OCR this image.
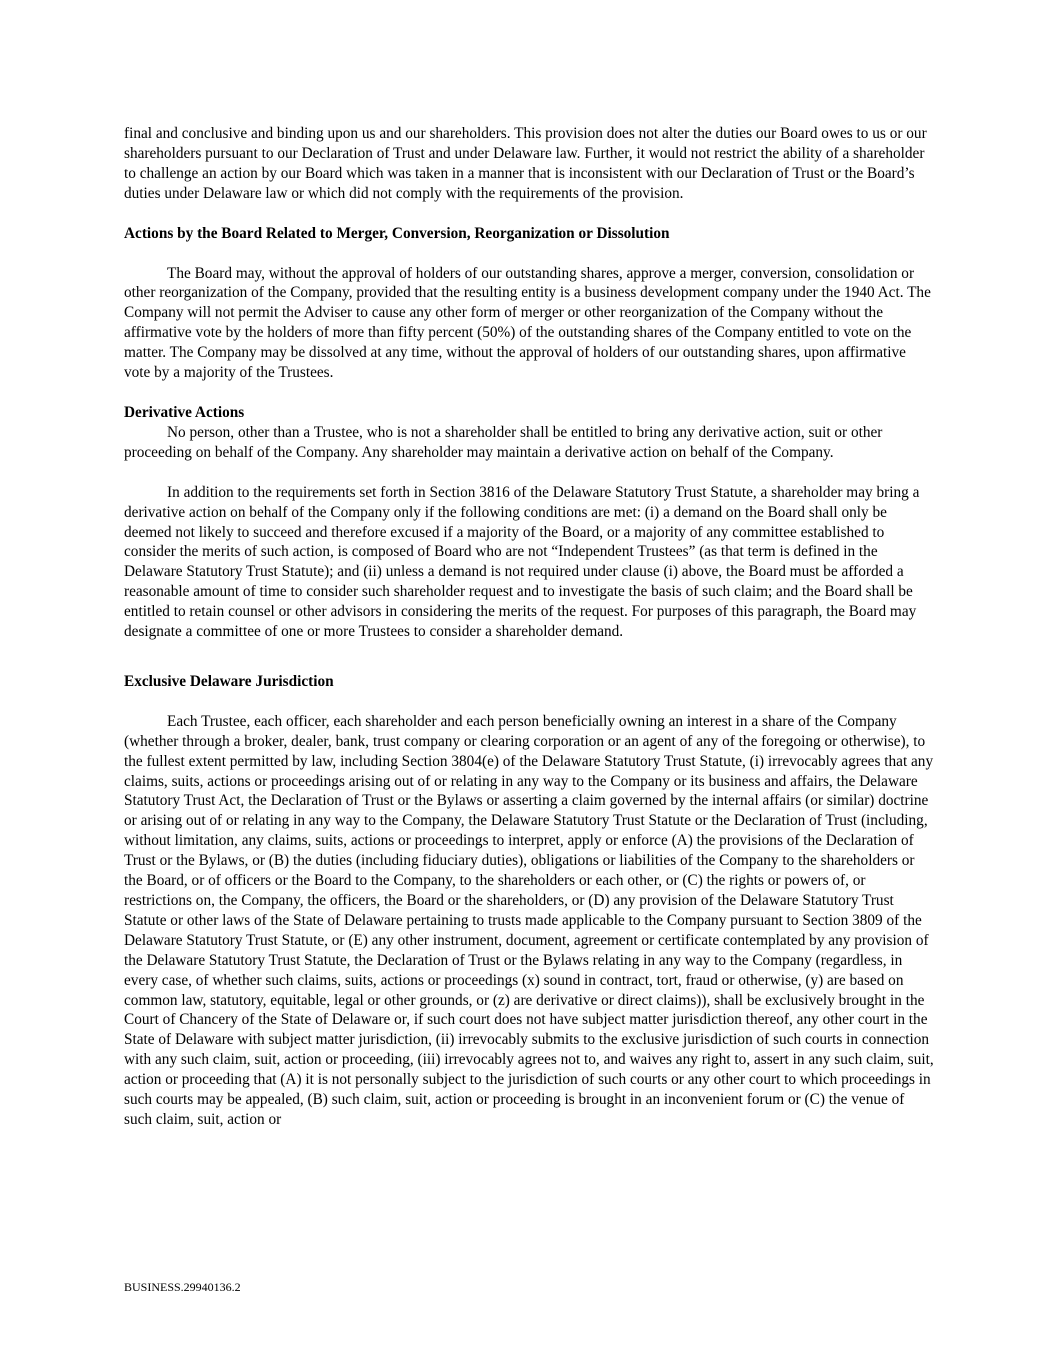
final and conclusive and binding upon us and our shareholders. This provision does not alter the duties our Board owes to us or our shareholders pursuant to our Declaration of Trust and under Delaware law. Further, it would not restrict the ability of a shareholder to challenge an action by our Board which was taken in a manner that is inconsistent with our Declaration of Trust or the Board’s duties under Delaware law or which did not comply with the requirements of the provision.

Actions by the Board Related to Merger, Conversion, Reorganization or Dissolution

The Board may, without the approval of holders of our outstanding shares, approve a merger, conversion, consolidation or other reorganization of the Company, provided that the resulting entity is a business development company under the 1940 Act. The Company will not permit the Adviser to cause any other form of merger or other reorganization of the Company without the affirmative vote by the holders of more than fifty percent (50%) of the outstanding shares of the Company entitled to vote on the matter. The Company may be dissolved at any time, without the approval of holders of our outstanding shares, upon affirmative vote by a majority of the Trustees.

Derivative Actions

No person, other than a Trustee, who is not a shareholder shall be entitled to bring any derivative action, suit or other proceeding on behalf of the Company. Any shareholder may maintain a derivative action on behalf of the Company.

In addition to the requirements set forth in Section 3816 of the Delaware Statutory Trust Statute, a shareholder may bring a derivative action on behalf of the Company only if the following conditions are met: (i) a demand on the Board shall only be deemed not likely to succeed and therefore excused if a majority of the Board, or a majority of any committee established to consider the merits of such action, is composed of Board who are not “Independent Trustees” (as that term is defined in the Delaware Statutory Trust Statute); and (ii) unless a demand is not required under clause (i) above, the Board must be afforded a reasonable amount of time to consider such shareholder request and to investigate the basis of such claim; and the Board shall be entitled to retain counsel or other advisors in considering the merits of the request. For purposes of this paragraph, the Board may designate a committee of one or more Trustees to consider a shareholder demand.

Exclusive Delaware Jurisdiction

Each Trustee, each officer, each shareholder and each person beneficially owning an interest in a share of the Company (whether through a broker, dealer, bank, trust company or clearing corporation or an agent of any of the foregoing or otherwise), to the fullest extent permitted by law, including Section 3804(e) of the Delaware Statutory Trust Statute, (i) irrevocably agrees that any claims, suits, actions or proceedings arising out of or relating in any way to the Company or its business and affairs, the Delaware Statutory Trust Act, the Declaration of Trust or the Bylaws or asserting a claim governed by the internal affairs (or similar) doctrine or arising out of or relating in any way to the Company, the Delaware Statutory Trust Statute or the Declaration of Trust (including, without limitation, any claims, suits, actions or proceedings to interpret, apply or enforce (A) the provisions of the Declaration of Trust or the Bylaws, or (B) the duties (including fiduciary duties), obligations or liabilities of the Company to the shareholders or the Board, or of officers or the Board to the Company, to the shareholders or each other, or (C) the rights or powers of, or restrictions on, the Company, the officers, the Board or the shareholders, or (D) any provision of the Delaware Statutory Trust Statute or other laws of the State of Delaware pertaining to trusts made applicable to the Company pursuant to Section 3809 of the Delaware Statutory Trust Statute, or (E) any other instrument, document, agreement or certificate contemplated by any provision of the Delaware Statutory Trust Statute, the Declaration of Trust or the Bylaws relating in any way to the Company (regardless, in every case, of whether such claims, suits, actions or proceedings (x) sound in contract, tort, fraud or otherwise, (y) are based on common law, statutory, equitable, legal or other grounds, or (z) are derivative or direct claims)), shall be exclusively brought in the Court of Chancery of the State of Delaware or, if such court does not have subject matter jurisdiction thereof, any other court in the State of Delaware with subject matter jurisdiction, (ii) irrevocably submits to the exclusive jurisdiction of such courts in connection with any such claim, suit, action or proceeding, (iii) irrevocably agrees not to, and waives any right to, assert in any such claim, suit, action or proceeding that (A) it is not personally subject to the jurisdiction of such courts or any other court to which proceedings in such courts may be appealed, (B) such claim, suit, action or proceeding is brought in an inconvenient forum or (C) the venue of such claim, suit, action or

BUSINESS.29940136.2
